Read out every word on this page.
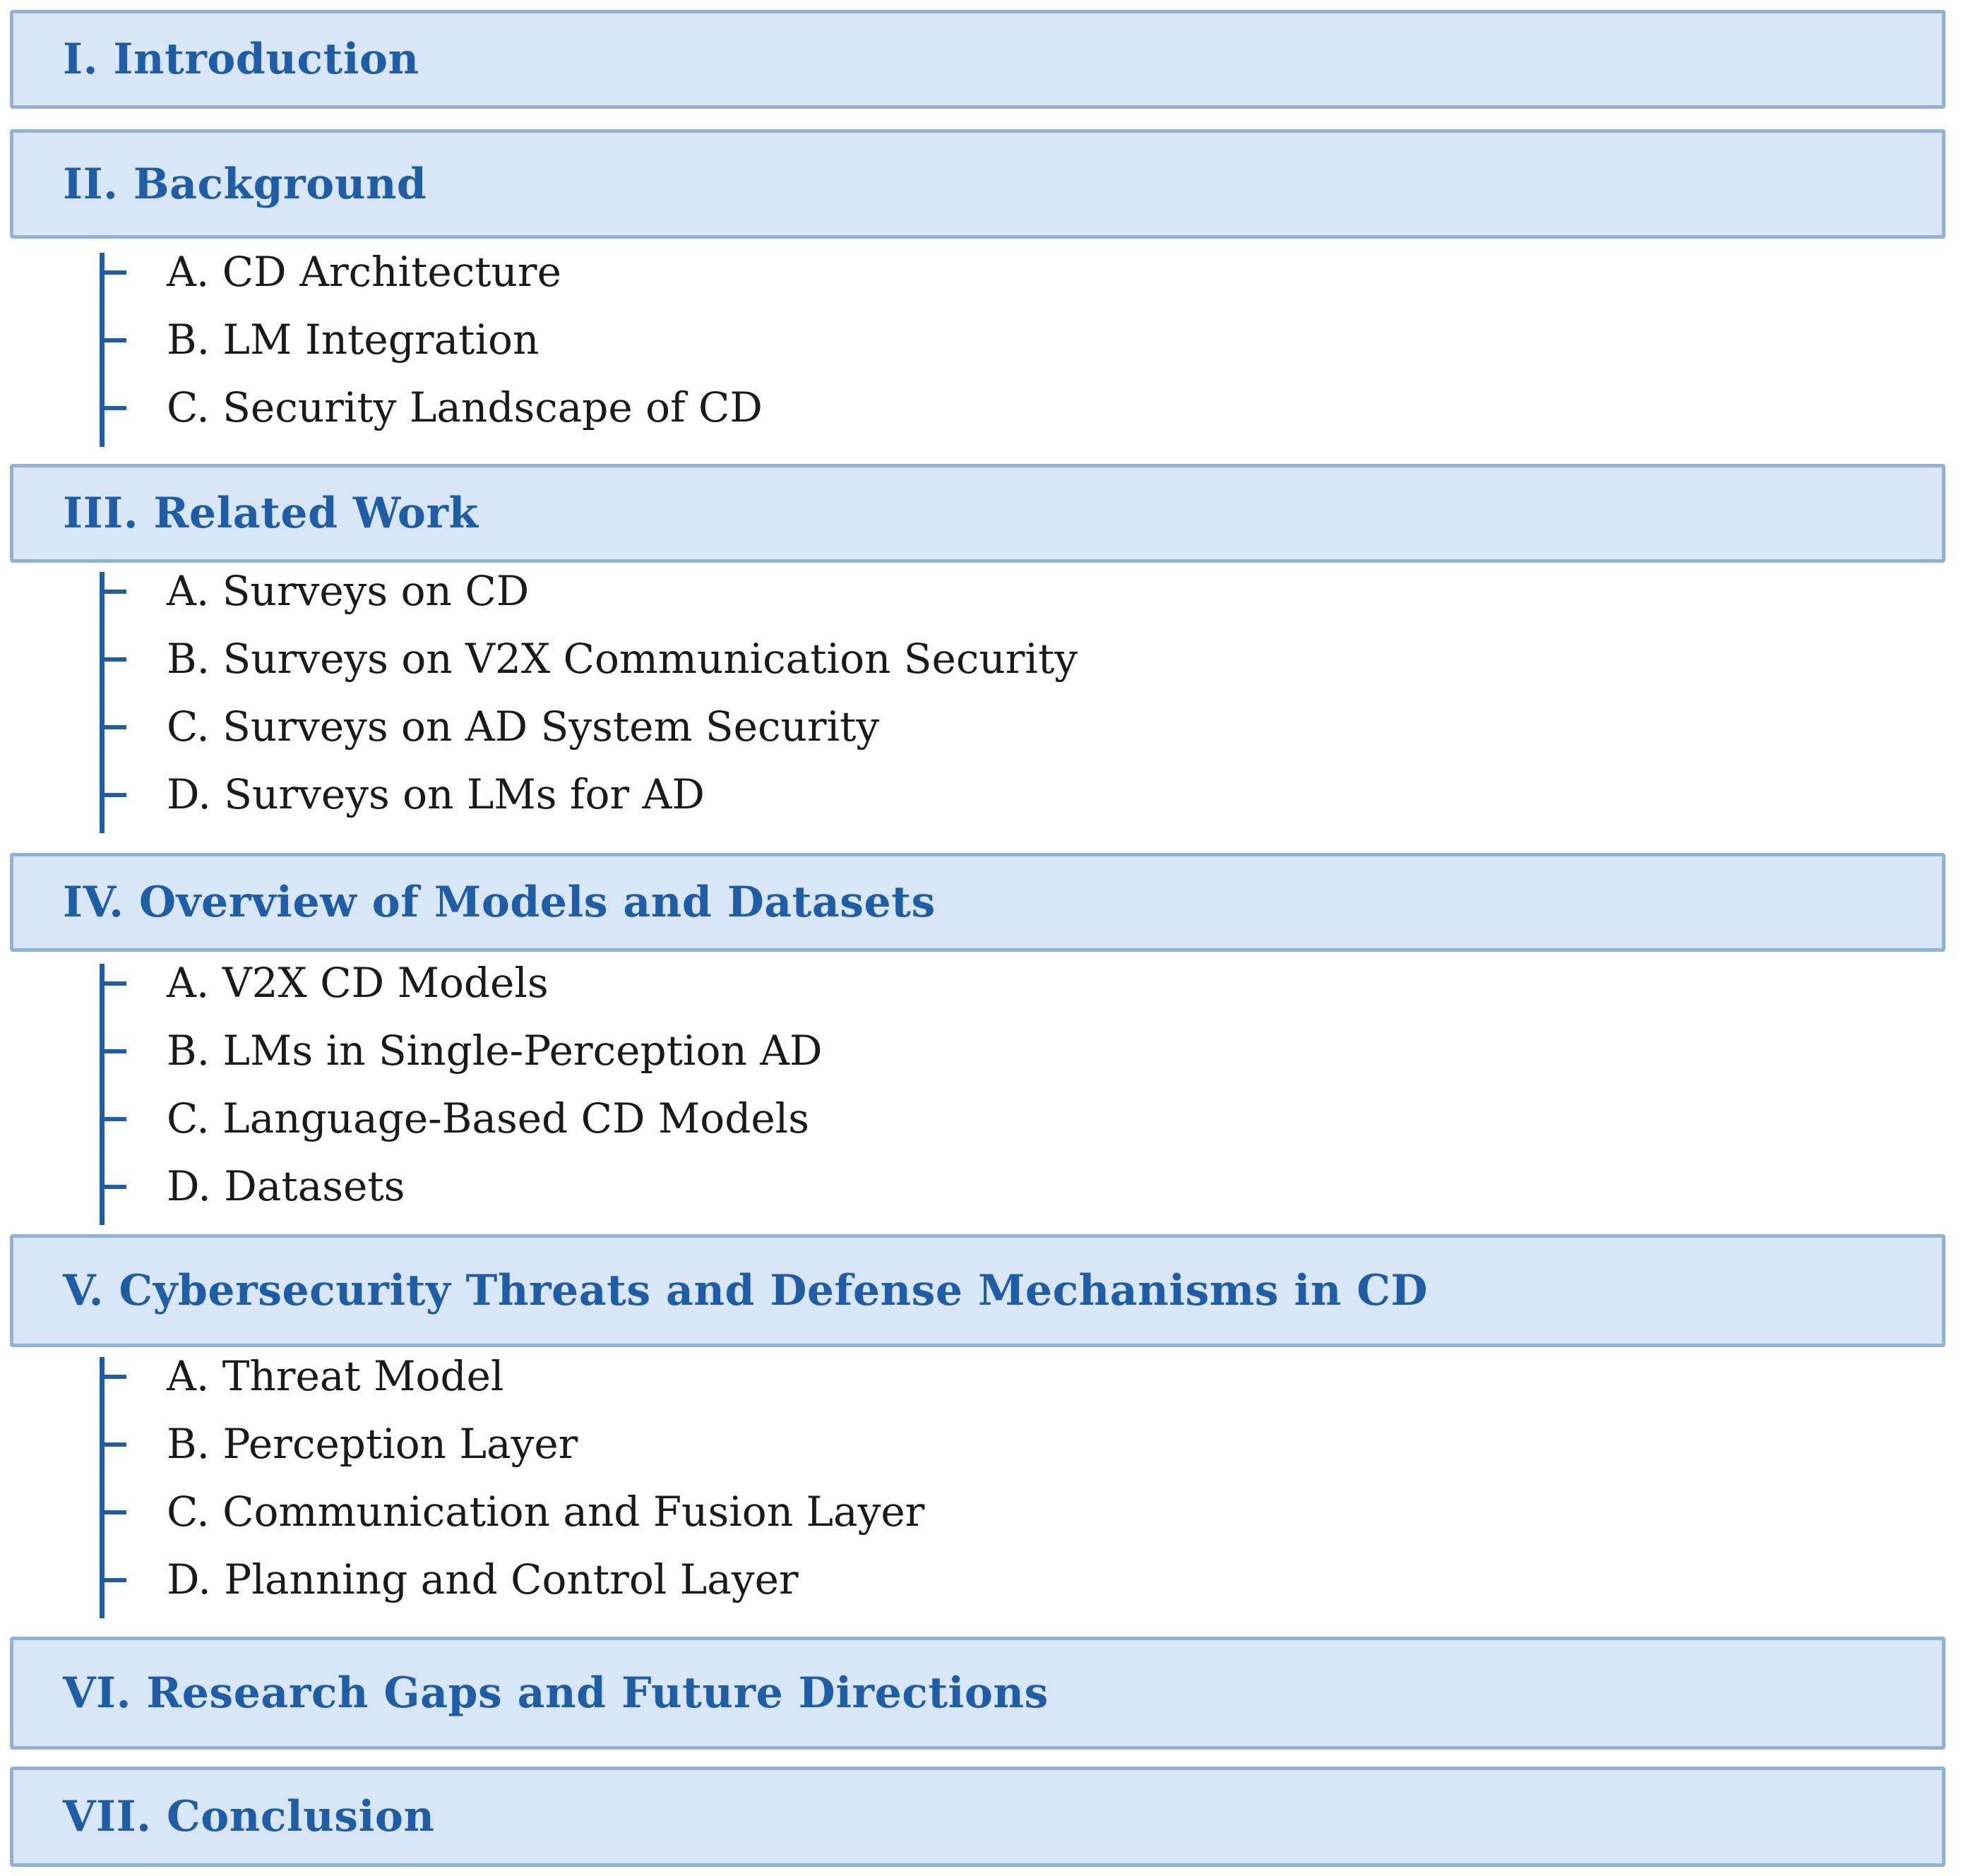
I. Introduction
II. Background
A. CD Architecture
B. LM Integration
C. Security Landscape of CD
III. Related Work
A. Surveys on CD
B. Surveys on V2X Communication Security
C. Surveys on AD System Security
D. Surveys on LMs for AD
IV. Overview of Models and Datasets
A. V2X CD Models
B. LMs in Single-Perception AD
C. Language-Based CD Models
D. Datasets
V. Cybersecurity Threats and Defense Mechanisms in CD
A. Threat Model
B. Perception Layer
C. Communication and Fusion Layer
D. Planning and Control Layer
VI. Research Gaps and Future Directions
VII. Conclusion
